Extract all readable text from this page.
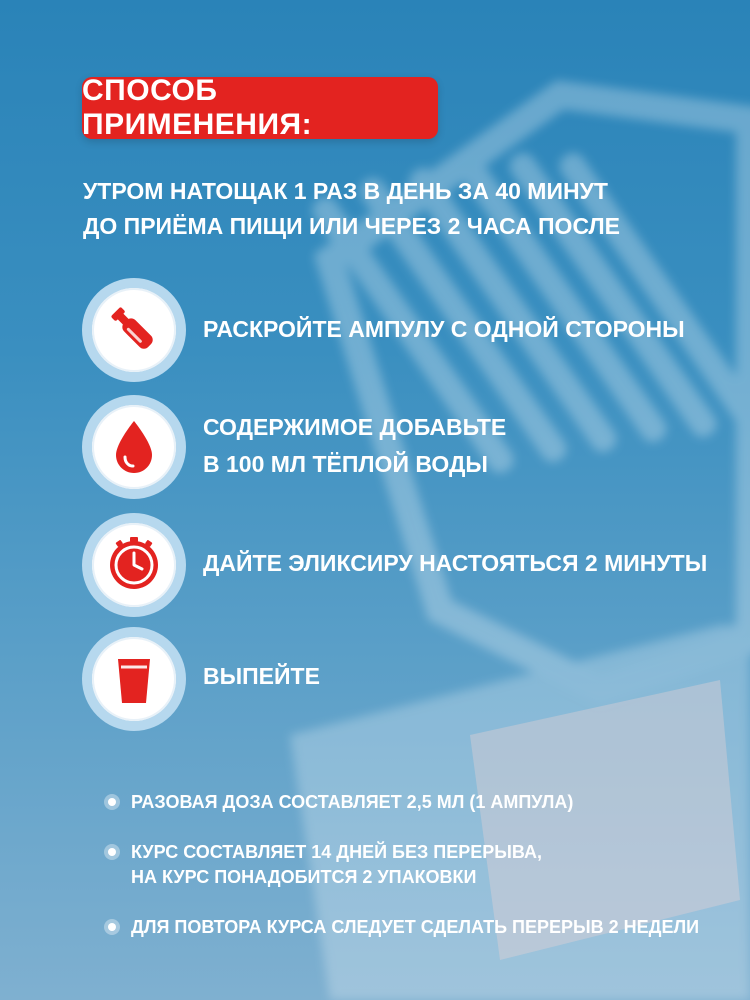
СПОСОБ ПРИМЕНЕНИЯ:
УТРОМ НАТОЩАК 1 РАЗ В ДЕНЬ ЗА 40 МИНУТ
ДО ПРИЁМА ПИЩИ ИЛИ ЧЕРЕЗ 2 ЧАСА ПОСЛЕ
РАСКРОЙТЕ АМПУЛУ С ОДНОЙ СТОРОНЫ
СОДЕРЖИМОЕ ДОБАВЬТЕ
В 100 МЛ ТЁПЛОЙ ВОДЫ
ДАЙТЕ ЭЛИКСИРУ НАСТОЯТЬСЯ 2 МИНУТЫ
ВЫПЕЙТЕ
РАЗОВАЯ ДОЗА СОСТАВЛЯЕТ 2,5 МЛ (1 АМПУЛА)
КУРС СОСТАВЛЯЕТ 14 ДНЕЙ БЕЗ ПЕРЕРЫВА,
НА КУРС ПОНАДОБИТСЯ 2 УПАКОВКИ
ДЛЯ ПОВТОРА КУРСА СЛЕДУЕТ СДЕЛАТЬ ПЕРЕРЫВ 2 НЕДЕЛИ
